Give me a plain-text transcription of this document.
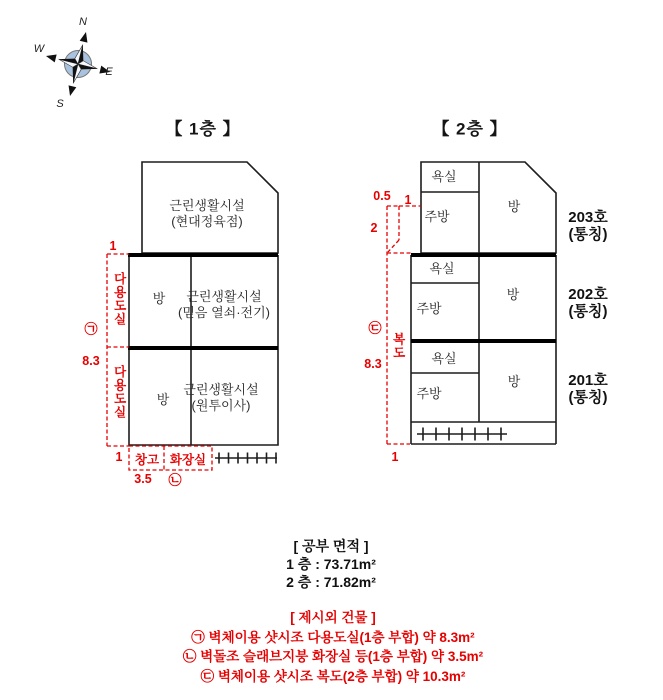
N
W
E
S
【 1층 】	【 2층 】
근린생활시설
(현대정육점)
방	근린생활시설
(믿음 열쇠·전기)
방
근린생활시설
(원투이사)
1
다용도실
㉠
8.3
다용도실
1 창고 화장실
3.5 ㉡
욕실
주방
방
203호
(통칭)
욕실
주방
방	202호
(통칭)
욕실
주방
방	201호
(통칭)
0.5 1
2
㉢
복도
8.3
1
[ 공부 면적 ]
1 층 : 73.71m²
2 층 : 71.82m²
[ 제시외 건물 ]
㉠ 벽체이용 샷시조 다용도실(1층 부합) 약 8.3m²
㉡ 벽돌조 슬래브지붕 화장실 등(1층 부합) 약 3.5m²
㉢ 벽체이용 샷시조 복도(2층 부합) 약 10.3m²
